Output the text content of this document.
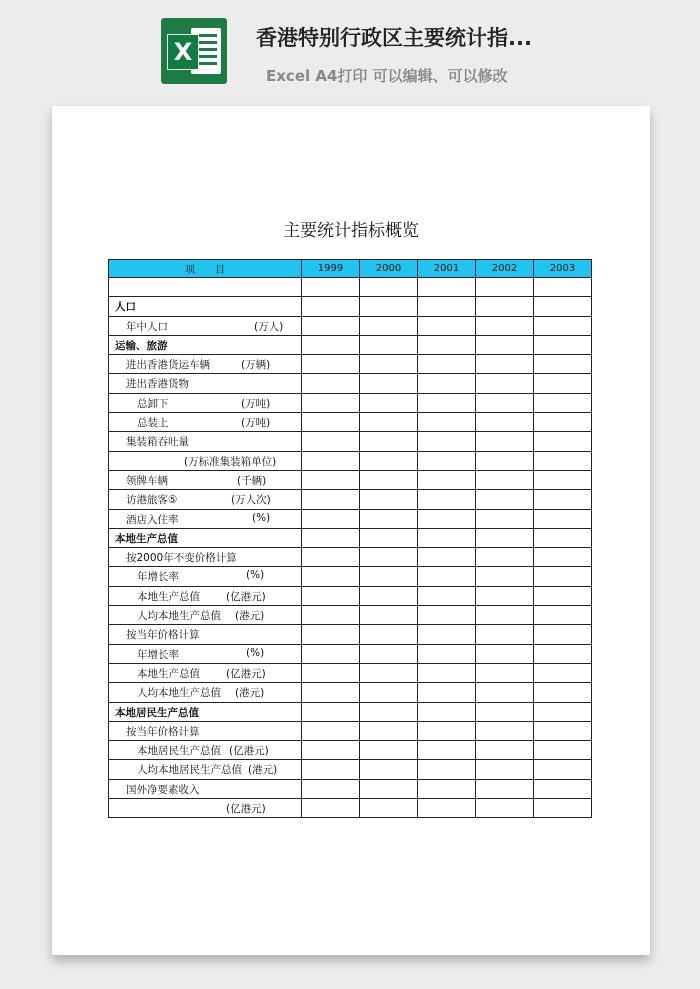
X	香港特别行政区主要统计指...
Excel A4打印 可以编辑、可以修改
主要统计指标概览
项　　目	1999	2000	2001	2002	2003

人口					

年中人口 (万人)					

运输、旅游					

进出香港货运车辆 (万辆)					

进出香港货物					

总卸下 (万吨)					

总装上 (万吨)					

集装箱吞吐量					

(万标准集装箱单位)					

领牌车辆 (千辆)					

访港旅客⑤ (万人次)					

酒店入住率 (%)					

本地生产总值					

按2000年不变价格计算					

年增长率 (%)					

本地生产总值 (亿港元)					

人均本地生产总值 (港元)					

按当年价格计算					

年增长率 (%)					

本地生产总值 (亿港元)					

人均本地生产总值 (港元)					

本地居民生产总值					

按当年价格计算					

本地居民生产总值 (亿港元)					

人均本地居民生产总值 (港元)					

国外净要素收入					

(亿港元)					
